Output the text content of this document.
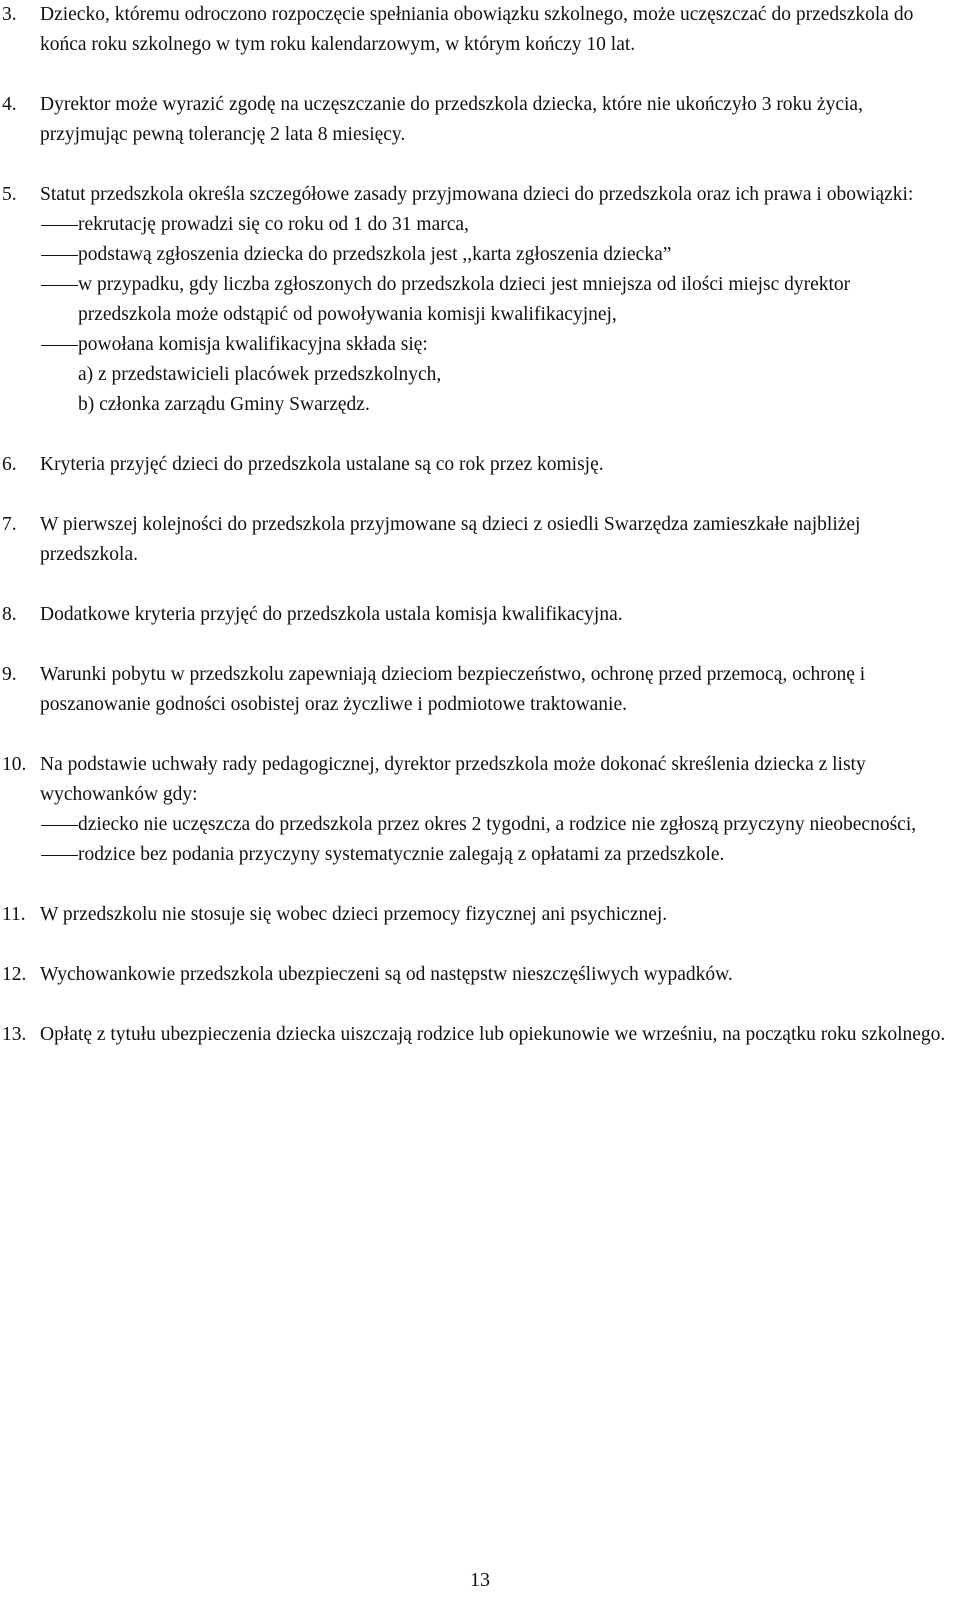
3. Dziecko, któremu odroczono rozpoczęcie spełniania obowiązku szkolnego, może uczęszczać do przedszkola do końca roku szkolnego w tym roku kalendarzowym, w którym kończy 10 lat.
4. Dyrektor może wyrazić zgodę na uczęszczanie do przedszkola dziecka, które nie ukończyło 3 roku życia, przyjmując pewną tolerancję 2 lata 8 miesięcy.
5. Statut przedszkola określa szczegółowe zasady przyjmowana dzieci do przedszkola oraz ich prawa i obowiązki:
rekrutację prowadzi się co roku od 1 do 31 marca,
podstawą zgłoszenia dziecka do przedszkola jest ,,karta zgłoszenia dziecka”
w przypadku, gdy liczba zgłoszonych do przedszkola dzieci jest mniejsza od ilości miejsc dyrektor przedszkola może odstąpić od powoływania komisji kwalifikacyjnej,
powołana komisja kwalifikacyjna składa się:
a) z przedstawicieli placówek przedszkolnych,
b) członka zarządu Gminy Swarzędz.
6. Kryteria przyjęć dzieci do przedszkola ustalane są co rok przez komisję.
7. W pierwszej kolejności do przedszkola przyjmowane są dzieci z osiedli Swarzędza zamieszkałe najbliżej przedszkola.
8. Dodatkowe kryteria przyjęć do przedszkola ustala komisja kwalifikacyjna.
9. Warunki pobytu w przedszkolu zapewniają dzieciom bezpieczeństwo, ochronę przed przemocą, ochronę i poszanowanie godności osobistej oraz życzliwe i podmiotowe traktowanie.
10. Na podstawie uchwały rady pedagogicznej, dyrektor przedszkola może dokonać skreślenia dziecka z listy wychowanków gdy:
dziecko nie uczęszcza do przedszkola przez okres 2 tygodni, a rodzice nie zgłoszą przyczyny nieobecności,
rodzice bez podania przyczyny systematycznie zalegają z opłatami za przedszkole.
11. W przedszkolu nie stosuje się wobec dzieci przemocy fizycznej ani psychicznej.
12. Wychowankowie przedszkola ubezpieczeni są od następstw nieszczęśliwych wypadków.
13. Opłatę z tytułu ubezpieczenia dziecka uiszczają rodzice lub opiekunowie we wrześniu, na początku roku szkolnego.
13
